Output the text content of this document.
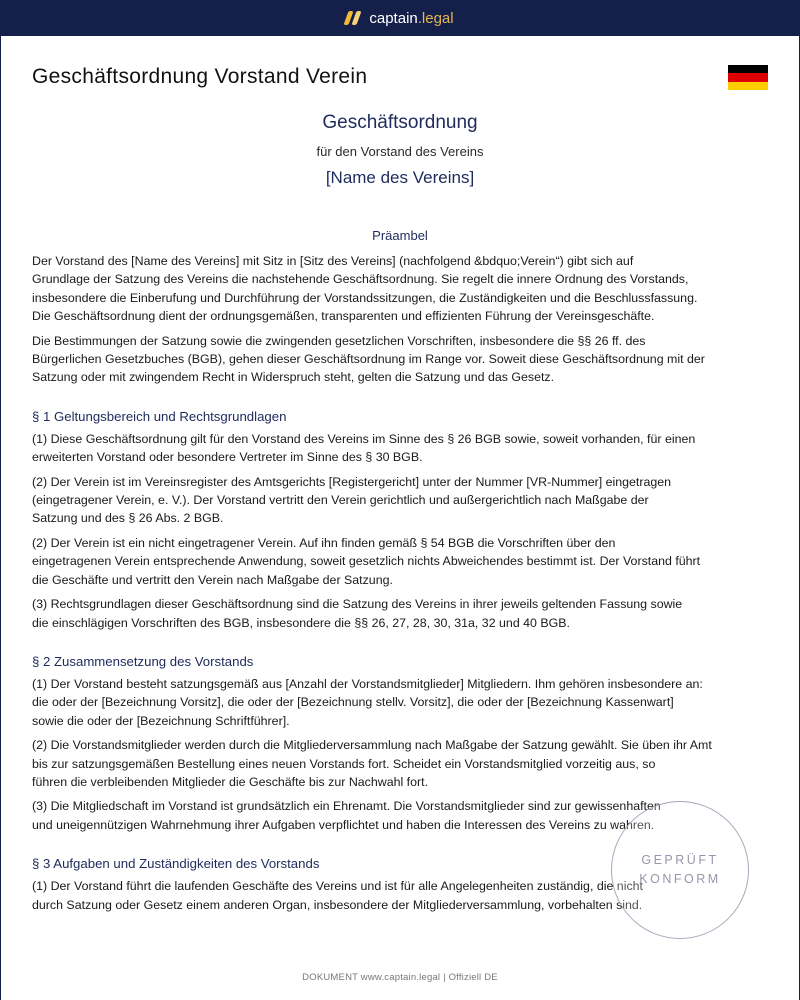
captain.legal
Geschäftsordnung Vorstand Verein
Geschäftsordnung
für den Vorstand des Vereins
[Name des Vereins]
Präambel

Der Vorstand des [Name des Vereins] mit Sitz in [Sitz des Vereins] (nachfolgend &bdquo;Verein“) gibt sich auf
Grundlage der Satzung des Vereins die nachstehende Geschäftsordnung. Sie regelt die innere Ordnung des Vorstands,
insbesondere die Einberufung und Durchführung der Vorstandssitzungen, die Zuständigkeiten und die Beschlussfassung.
Die Geschäftsordnung dient der ordnungsgemäßen, transparenten und effizienten Führung der Vereinsgeschäfte.

Die Bestimmungen der Satzung sowie die zwingenden gesetzlichen Vorschriften, insbesondere die §§ 26 ff. des
Bürgerlichen Gesetzbuches (BGB), gehen dieser Geschäftsordnung im Range vor. Soweit diese Geschäftsordnung mit der
Satzung oder mit zwingendem Recht in Widerspruch steht, gelten die Satzung und das Gesetz.

§ 1 Geltungsbereich und Rechtsgrundlagen

(1) Diese Geschäftsordnung gilt für den Vorstand des Vereins im Sinne des § 26 BGB sowie, soweit vorhanden, für einen
erweiterten Vorstand oder besondere Vertreter im Sinne des § 30 BGB.

(2) Der Verein ist im Vereinsregister des Amtsgerichts [Registergericht] unter der Nummer [VR-Nummer] eingetragen
(eingetragener Verein, e. V.). Der Vorstand vertritt den Verein gerichtlich und außergerichtlich nach Maßgabe der
Satzung und des § 26 Abs. 2 BGB.

(2) Der Verein ist ein nicht eingetragener Verein. Auf ihn finden gemäß § 54 BGB die Vorschriften über den
eingetragenen Verein entsprechende Anwendung, soweit gesetzlich nichts Abweichendes bestimmt ist. Der Vorstand führt
die Geschäfte und vertritt den Verein nach Maßgabe der Satzung.

(3) Rechtsgrundlagen dieser Geschäftsordnung sind die Satzung des Vereins in ihrer jeweils geltenden Fassung sowie
die einschlägigen Vorschriften des BGB, insbesondere die §§ 26, 27, 28, 30, 31a, 32 und 40 BGB.

§ 2 Zusammensetzung des Vorstands

(1) Der Vorstand besteht satzungsgemäß aus [Anzahl der Vorstandsmitglieder] Mitgliedern. Ihm gehören insbesondere an:
die oder der [Bezeichnung Vorsitz], die oder der [Bezeichnung stellv. Vorsitz], die oder der [Bezeichnung Kassenwart]
sowie die oder der [Bezeichnung Schriftführer].

(2) Die Vorstandsmitglieder werden durch die Mitgliederversammlung nach Maßgabe der Satzung gewählt. Sie üben ihr Amt
bis zur satzungsgemäßen Bestellung eines neuen Vorstands fort. Scheidet ein Vorstandsmitglied vorzeitig aus, so
führen die verbleibenden Mitglieder die Geschäfte bis zur Nachwahl fort.

(3) Die Mitgliedschaft im Vorstand ist grundsätzlich ein Ehrenamt. Die Vorstandsmitglieder sind zur gewissenhaften
und uneigennützigen Wahrnehmung ihrer Aufgaben verpflichtet und haben die Interessen des Vereins zu wahren.

§ 3 Aufgaben und Zuständigkeiten des Vorstands

(1) Der Vorstand führt die laufenden Geschäfte des Vereins und ist für alle Angelegenheiten zuständig, die nicht
durch Satzung oder Gesetz einem anderen Organ, insbesondere der Mitgliederversammlung, vorbehalten sind.

GEPRÜFT
KONFORM
DOKUMENT www.captain.legal | Offiziell DE
